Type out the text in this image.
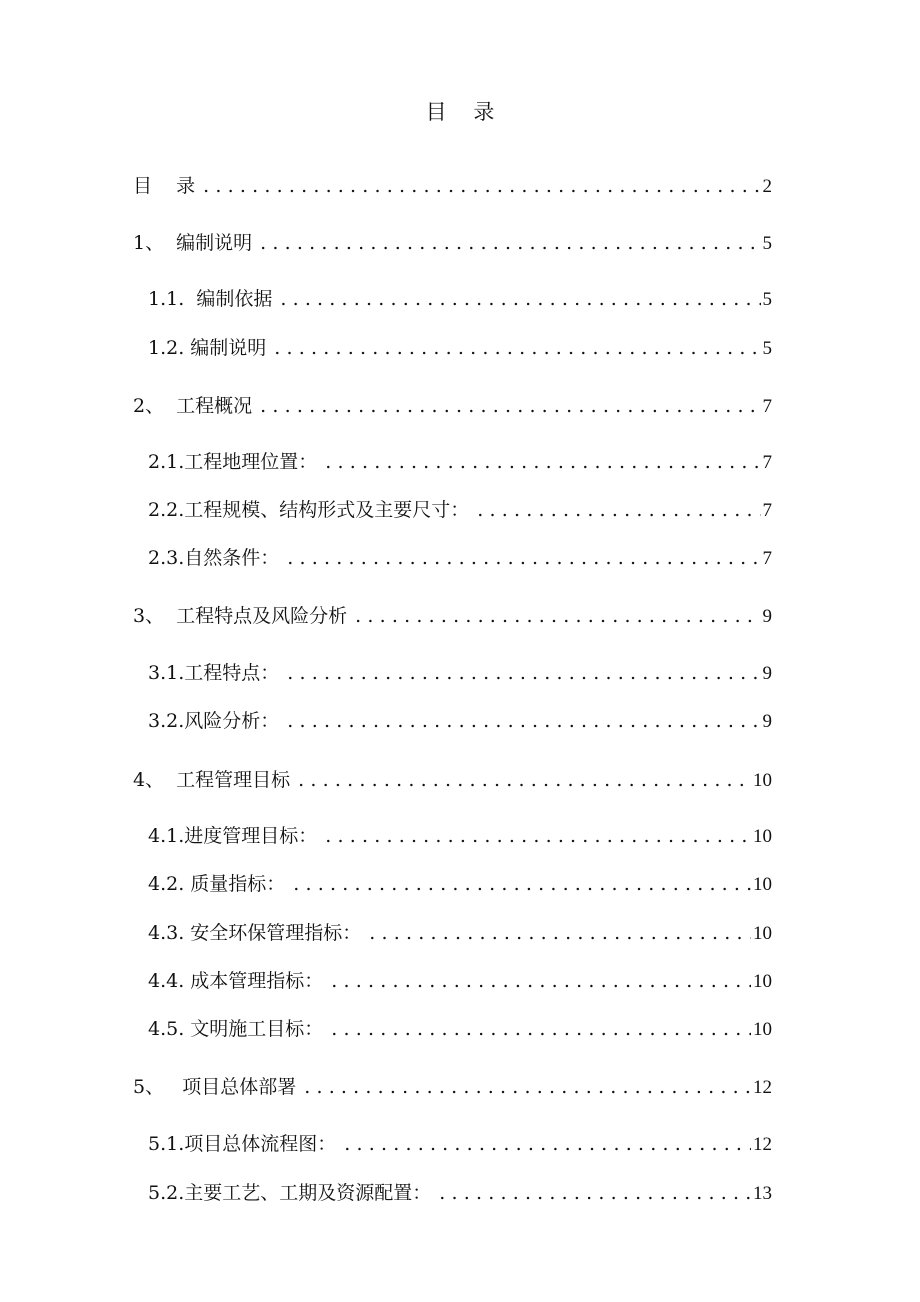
目    录
目    录 .....	2
1、  编制说明 .....	5
1.1.  编制依据 .....	5
1.2. 编制说明 .....	5
2、  工程概况 .....	7
2.1.工程地理位置： .....	7
2.2.工程规模、结构形式及主要尺寸： .....	7
2.3.自然条件： .....	7
3、  工程特点及风险分析 .....	9
3.1.工程特点： .....	9
3.2.风险分析： .....	9
4、  工程管理目标 .....	10
4.1.进度管理目标： .....	10
4.2. 质量指标： .....	10
4.3. 安全环保管理指标： .....	10
4.4. 成本管理指标： .....	10
4.5. 文明施工目标： .....	10
5、   项目总体部署 .....	12
5.1.项目总体流程图： .....	12
5.2.主要工艺、工期及资源配置： .....	13
